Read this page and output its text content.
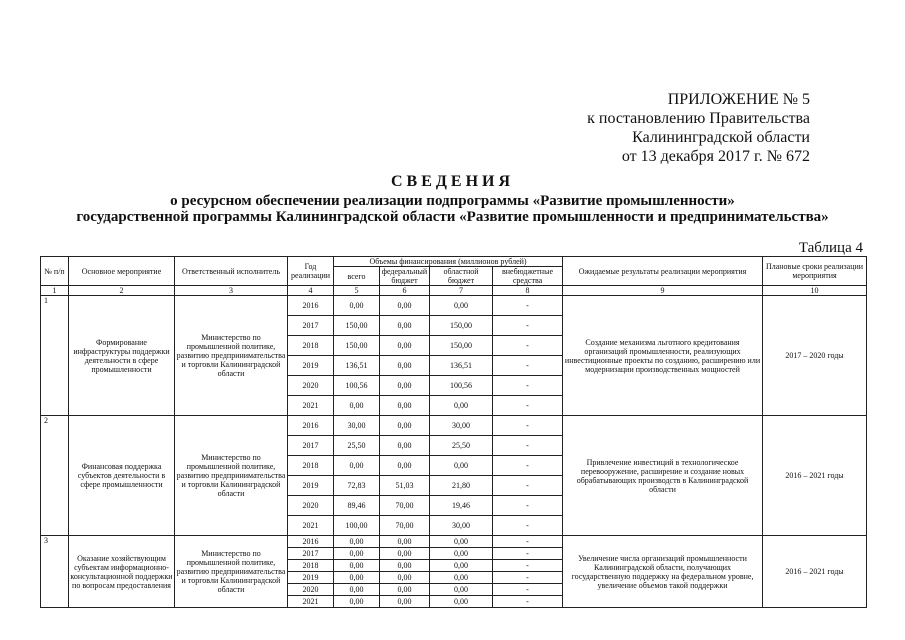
ПРИЛОЖЕНИЕ № 5
к постановлению Правительства
Калининградской области
от 13 декабря 2017 г. № 672
СВЕДЕНИЯ
о ресурсном обеспечении реализации подпрограммы «Развитие промышленности»
государственной программы Калининградской области «Развитие промышленности и предпринимательства»
Таблица 4
№ п/п	Основное мероприятие	Ответственный исполнитель	Год реализации	Объемы финансирования (миллионов рублей)				Ожидаемые результаты реализации мероприятия	Плановые сроки реализации мероприятия
				всего	федеральный бюджет	областной бюджет	внебюджетные средства		
1	2	3	4	5	6	7	8	9	10
1	Формирование инфраструктуры поддержки деятельности в сфере промышленности	Министерство по промышленной политике, развитию предпринимательства и торговли Калининградской области	2016	0,00	0,00	0,00	-	Создание механизма льготного кредитования организаций промышленности, реализующих инвестиционные проекты по созданию, расширению или модернизации производственных мощностей	2017 – 2020 годы
			2017	150,00	0,00	150,00	-		
			2018	150,00	0,00	150,00	-		
			2019	136,51	0,00	136,51	-		
			2020	100,56	0,00	100,56	-		
			2021	0,00	0,00	0,00	-		
2	Финансовая поддержка субъектов деятельности в сфере промышленности	Министерство по промышленной политике, развитию предпринимательства и торговли Калининградской области	2016	30,00	0,00	30,00	-	Привлечение инвестиций в технологическое перевооружение, расширение и создание новых обрабатывающих производств в Калининградской области	2016 – 2021 годы
			2017	25,50	0,00	25,50	-		
			2018	0,00	0,00	0,00	-		
			2019	72,83	51,03	21,80	-		
			2020	89,46	70,00	19,46	-		
			2021	100,00	70,00	30,00	-		
3	Оказание хозяйствующим субъектам информационно-консультационной поддержки по вопросам предоставления	Министерство по промышленной политике, развитию предпринимательства и торговли Калининградской области	2016	0,00	0,00	0,00	-	Увеличение числа организаций промышленности Калининградской области, получающих государственную поддержку на федеральном уровне, увеличение объемов такой поддержки	2016 – 2021 годы
			2017	0,00	0,00	0,00	-		
			2018	0,00	0,00	0,00	-		
			2019	0,00	0,00	0,00	-		
			2020	0,00	0,00	0,00	-		
			2021	0,00	0,00	0,00	-		
